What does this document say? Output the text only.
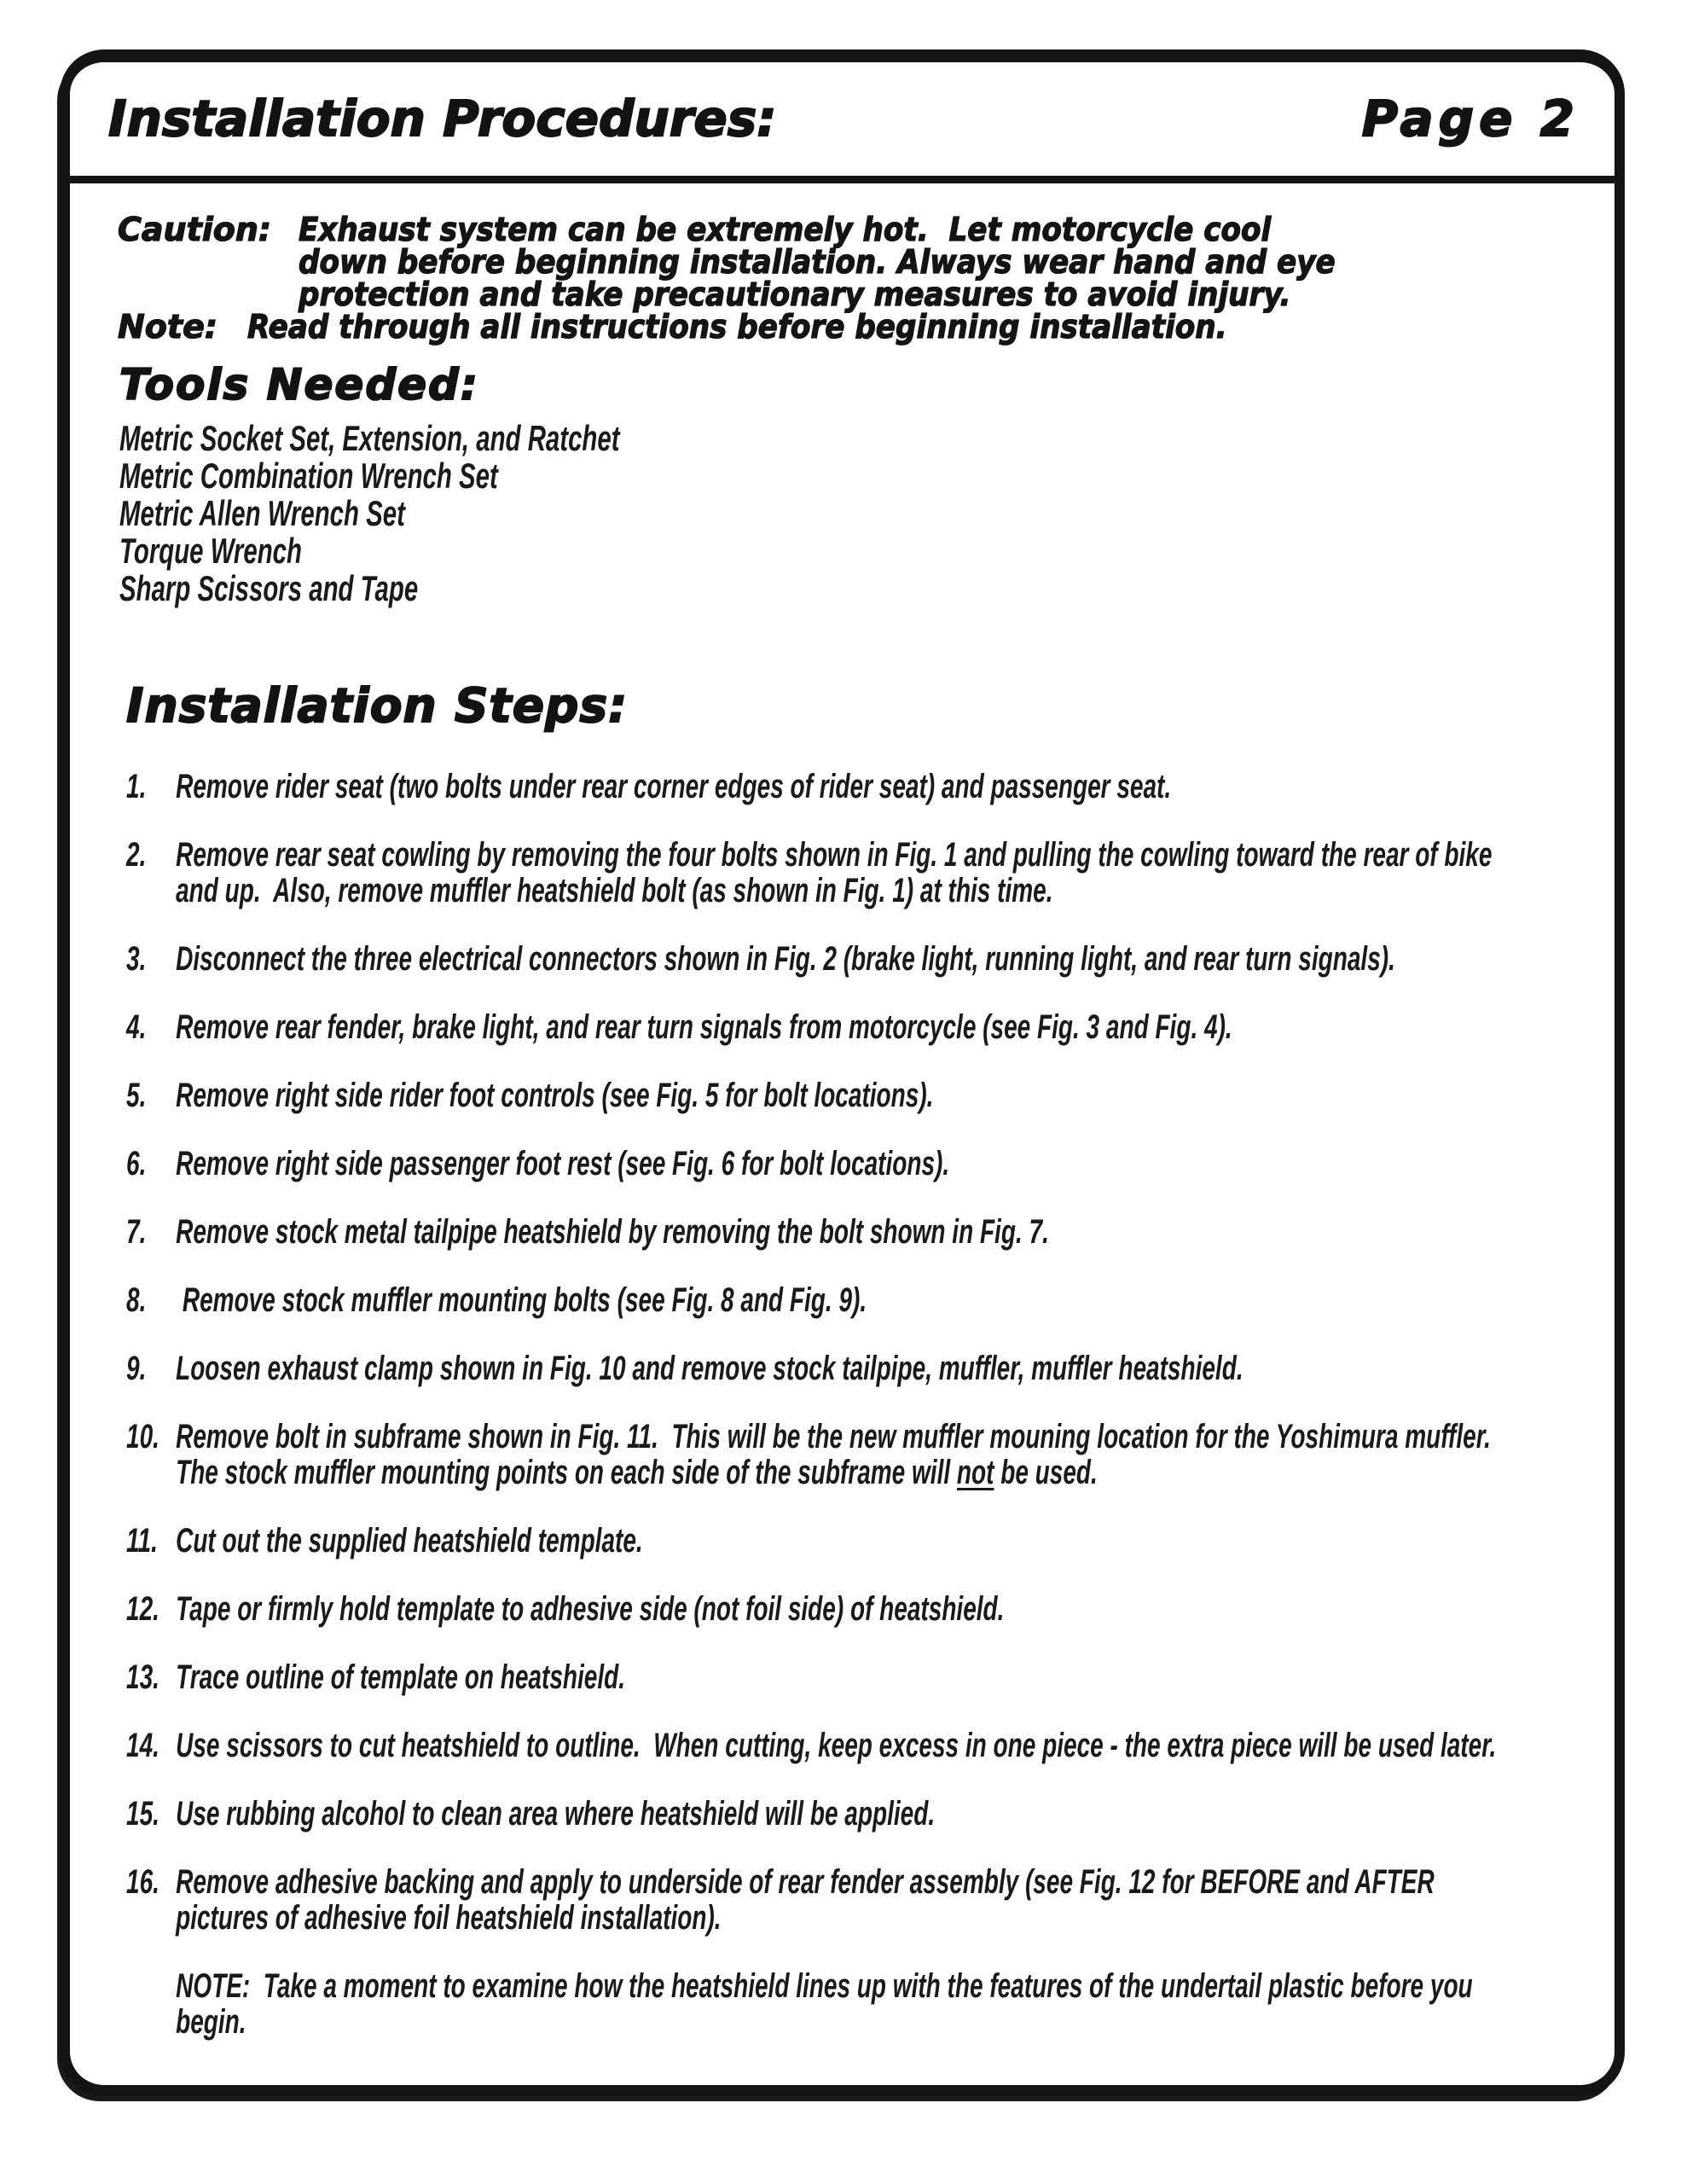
Installation Procedures:	Page 2
Caution: Exhaust system can be extremely hot.  Let motorcycle cool
down before beginning installation. Always wear hand and eye
protection and take precautionary measures to avoid injury.
Note: Read through all instructions before beginning installation.
Tools Needed:
Metric Socket Set, Extension, and Ratchet
Metric Combination Wrench Set
Metric Allen Wrench Set
Torque Wrench
Sharp Scissors and Tape
Installation Steps:
1. Remove rider seat (two bolts under rear corner edges of rider seat) and passenger seat.
2. Remove rear seat cowling by removing the four bolts shown in Fig. 1 and pulling the cowling toward the rear of bike
and up.  Also, remove muffler heatshield bolt (as shown in Fig. 1) at this time.
3. Disconnect the three electrical connectors shown in Fig. 2 (brake light, running light, and rear turn signals).
4. Remove rear fender, brake light, and rear turn signals from motorcycle (see Fig. 3 and Fig. 4).
5. Remove right side rider foot controls (see Fig. 5 for bolt locations).
6. Remove right side passenger foot rest (see Fig. 6 for bolt locations).
7. Remove stock metal tailpipe heatshield by removing the bolt shown in Fig. 7.
8. Remove stock muffler mounting bolts (see Fig. 8 and Fig. 9).
9. Loosen exhaust clamp shown in Fig. 10 and remove stock tailpipe, muffler, muffler heatshield.
10. Remove bolt in subframe shown in Fig. 11.  This will be the new muffler mouning location for the Yoshimura muffler.
The stock muffler mounting points on each side of the subframe will not be used.
11. Cut out the supplied heatshield template.
12. Tape or firmly hold template to adhesive side (not foil side) of heatshield.
13. Trace outline of template on heatshield.
14. Use scissors to cut heatshield to outline.  When cutting, keep excess in one piece - the extra piece will be used later.
15. Use rubbing alcohol to clean area where heatshield will be applied.
16. Remove adhesive backing and apply to underside of rear fender assembly (see Fig. 12 for BEFORE and AFTER
pictures of adhesive foil heatshield installation).
NOTE:  Take a moment to examine how the heatshield lines up with the features of the undertail plastic before you
begin.
